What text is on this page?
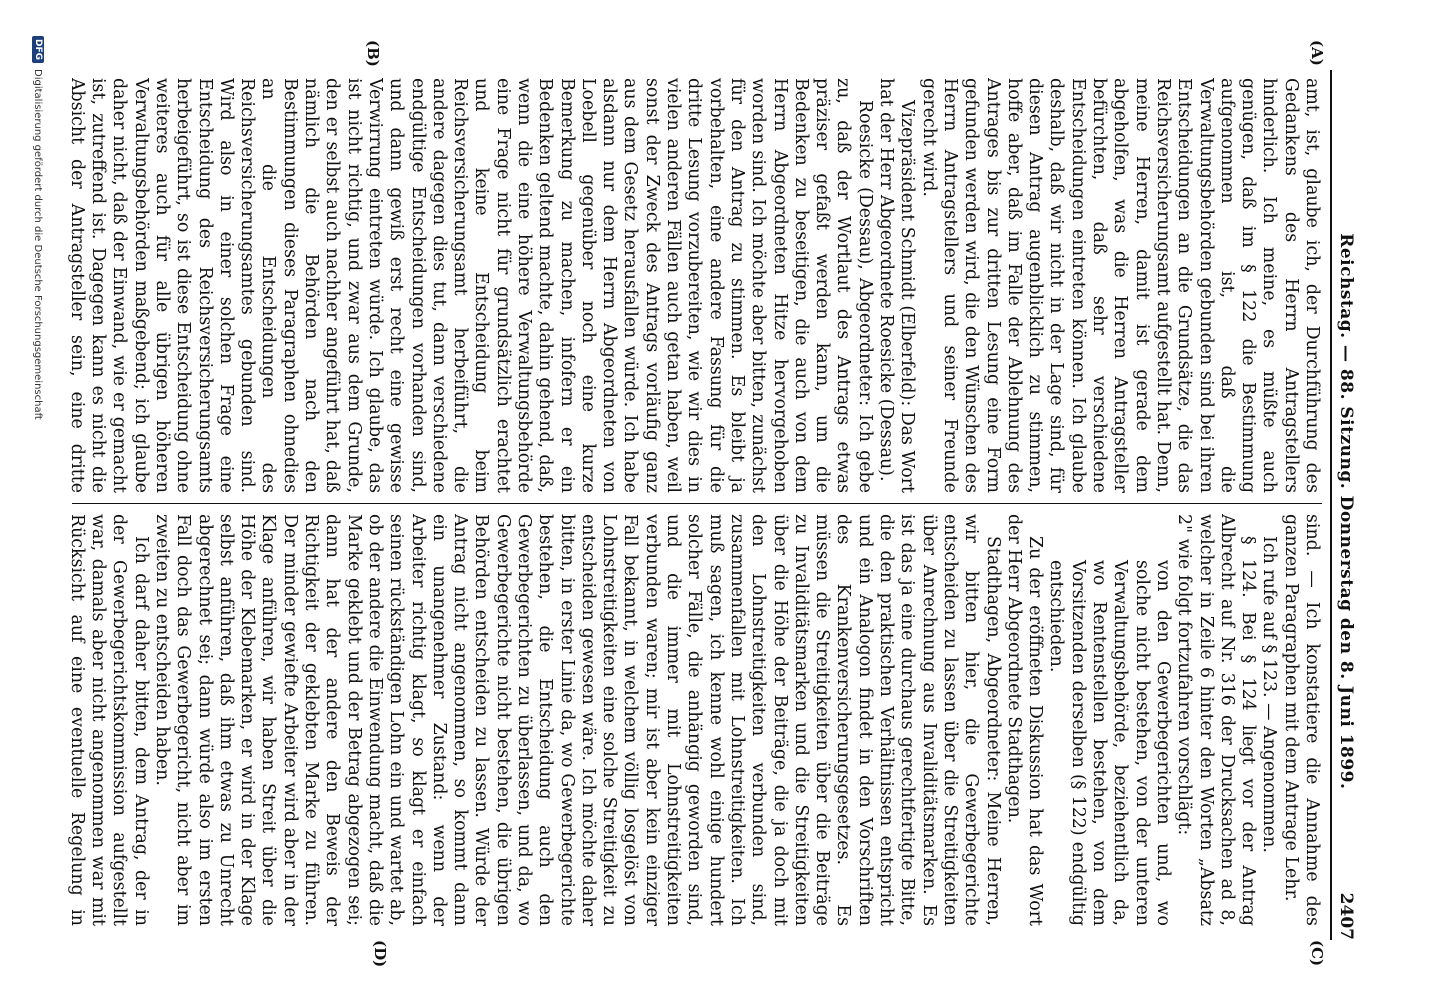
Reichstag. — 88. Sitzung. Donnerstag den 8. Juni 1899.
2407
(A)
(B)
(C)
(D)

amt, ist, glaube ich, der Durchführung des Gedankens des Herrn Antragstellers hinderlich. Ich meine, es müßte auch genügen, daß im § 122 die Bestimmung aufgenommen ist, daß die Verwaltungsbehörden gebunden sind bei ihren Entscheidungen an die Grundsätze, die das Reichsversicherungsamt aufgestellt hat. Denn, meine Herren, damit ist gerade dem abgeholfen, was die Herren Antragsteller befürchten, daß sehr verschiedene Entscheidungen eintreten können. Ich glaube deshalb, daß wir nicht in der Lage sind, für diesen Antrag augenblicklich zu stimmen, hoffe aber, daß im Falle der Ablehnung des Antrages bis zur dritten Lesung eine Form gefunden werden wird, die den Wünschen des Herrn Antragstellers und seiner Freunde gerecht wird.

Vizepräsident Schmidt (Elberfeld): Das Wort hat der Herr Abgeordnete Roesicke (Dessau).

Roesicke (Dessau), Abgeordneter: Ich gebe zu, daß der Wortlaut des Antrags etwas präziser gefaßt werden kann, um die Bedenken zu beseitigen, die auch von dem Herrn Abgeordneten Hitze hervorgehoben worden sind. Ich möchte aber bitten, zunächst für den Antrag zu stimmen. Es bleibt ja vorbehalten, eine andere Fassung für die dritte Lesung vorzubereiten, wie wir dies in vielen anderen Fällen auch getan haben, weil sonst der Zweck des Antrags vorläufig ganz aus dem Gesetz herausfallen würde. Ich habe alsdann nur dem Herrn Abgeordneten von Loebell gegenüber noch eine kurze Bemerkung zu machen, infofern er ein Bedenken geltend machte, dahin gehend, daß, wenn die eine höhere Verwaltungsbehörde eine Frage nicht für grundsätzlich erachtet und keine Entscheidung beim Reichsversicherungsamt herbeiführt, die andere dagegen dies tut, dann verschiedene endgültige Entscheidungen vorhanden sind, und dann gewiß erst recht eine gewisse Verwirrung eintreten würde. Ich glaube, das ist nicht richtig, und zwar aus dem Grunde, den er selbst auch nachher angeführt hat, daß nämlich die Behörden nach den Bestimmungen dieses Paragraphen ohnedies an die Entscheidungen des Reichsversicherungsamtes gebunden sind. Wird also in einer solchen Frage eine Entscheidung des Reichsversicherungsamts herbeigeführt, so ist diese Entscheidung ohne weiteres auch für alle übrigen höheren Verwaltungsbehörden maßgebend; ich glaube daher nicht, daß der Einwand, wie er gemacht ist, zutreffend ist. Dagegen kann es nicht die Absicht der Antragsteller sein, eine dritte

sind. — Ich konstatiere die Annahme des ganzen Paragraphen mit dem Antrage Lehr.

Ich rufe auf § 123. — Angenommen.

§ 124. Bei § 124 liegt vor der Antrag Albrecht auf Nr. 316 der Drucksachen ad 8, welcher in Zeile 6 hinter den Worten „Absatz 2" wie folgt fortzufahren vorschlägt:

von den Gewerbegerichten und, wo solche nicht bestehen, von der unteren Verwaltungsbehörde, beziehentlich da, wo Rentenstellen bestehen, von dem Vorsitzenden derselben (§ 122) endgültig entschieden.

Zu der eröffneten Diskussion hat das Wort der Herr Abgeordnete Stadthagen.

Stadthagen, Abgeordneter: Meine Herren, wir bitten hier, die Gewerbegerichte entscheiden zu lassen über die Streitigkeiten über Anrechnung aus Invaliditätsmarken. Es ist das ja eine durchaus gerechtfertigte Bitte, die den praktischen Verhältnissen entspricht und ein Analogon findet in den Vorschriften des Krankenversicherungsgesetzes. Es müssen die Streitigkeiten über die Beiträge zu Invaliditätsmarken und die Streitigkeiten über die Höhe der Beiträge, die ja doch mit den Lohnstreitigkeiten verbunden sind, zusammenfallen mit Lohnstreitigkeiten. Ich muß sagen, ich kenne wohl einige hundert solcher Fälle, die anhängig geworden sind, und die immer mit Lohnstreitigkeiten verbunden waren; mir ist aber kein einziger Fall bekannt, in welchem völlig losgelöst von Lohnstreitigkeiten eine solche Streitigkeit zu entscheiden gewesen wäre. Ich möchte daher bitten, in erster Linie da, wo Gewerbegerichte bestehen, die Entscheidung auch den Gewerbegerichten zu überlassen, und da, wo Gewerbegerichte nicht bestehen, die übrigen Behörden entscheiden zu lassen. Würde der Antrag nicht angenommen, so kommt dann ein unangenehmer Zustand: wenn der Arbeiter richtig klagt, so klagt er einfach seinen rückständigen Lohn ein und wartet ab, ob der andere die Einwendung macht, daß die Marke geklebt und der Betrag abgezogen sei; dann hat der andere den Beweis der Richtigkeit der geklebten Marke zu führen. Der minder gewiefte Arbeiter wird aber in der Klage anführen, wir haben Streit über die Höhe der Klebemarken, er wird in der Klage selbst anführen, daß ihm etwas zu Unrecht abgerechnet sei; dann würde also im ersten Fall doch das Gewerbegericht, nicht aber im zweiten zu entscheiden haben.

Ich darf daher bitten, dem Antrag, der in der Gewerbegerichtskommission aufgestellt war, damals aber nicht angenommen war mit Rücksicht auf eine eventuelle Regelung in

DFG
Digitalisierung gefördert durch die Deutsche Forschungsgemeinschaft
